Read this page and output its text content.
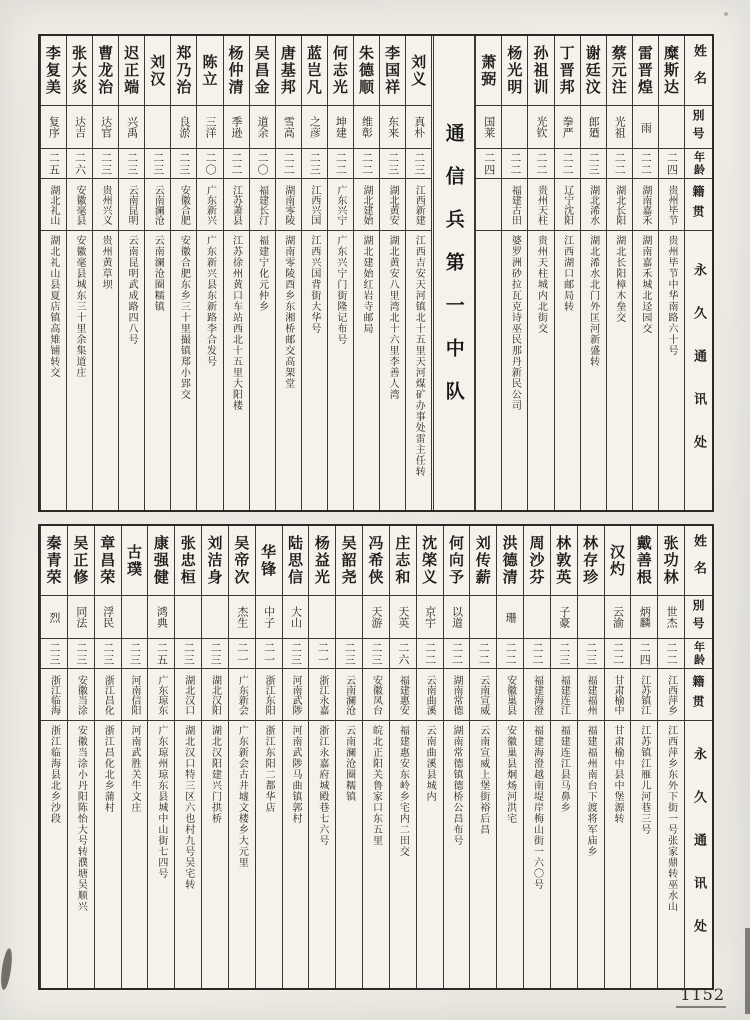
姓名
別号
年龄
籍贯
永久通讯处
糜斯达
二四
贵州毕节
贵州毕节中华南路六十号
雷晋煌
雨
二二
湖南嘉禾
湖南嘉禾城北迳园交
蔡元注
光祖
二二
湖北长阳
湖北长阳樟木垒交
谢廷汶
郎廼
二三
湖北浠水
湖北浠水北门外匡河新盛转
丁晋邦
拳严
二二
辽宁沈阳
江西湖口邮局转
孙祖训
光钦
二二
贵州天柱
贵州天柱城内北街交
杨光明
二二
福建古田
婆罗洲砂拉瓦克诗巫民那丹新民公司
萧弼
国莱
二四
通信兵第一中队
刘义
真朴
二三
江西新建
江西吉安天河镇北十五里天河煤矿办事处雷主任转
李国祥
东来
二三
湖北黄安
湖北黄安八里湾北十六里李善人湾
朱德顺
维彰
二二
湖北建始
湖北建始红岩寺邮局
何志光
坤建
二二
广东兴宁
广东兴宁门街隆记布号
蓝岂凡
之彦
二三
江西兴国
江西兴国背街大华号
唐基邦
雪高
二二
湖南零陵
湖南零陵酉乡东湘桥邮交高架堂
吴昌金
道余
二〇
福建长汀
福建宁化元仲乡
杨仲清
季逊
二二
江苏萧县
江苏徐州黄口车站西北十五里大阳楼
陈立
三洋
二〇
广东新兴
广东新兴县东新路李合发号
郑乃治
良淤
二三
安徽合肥
安徽合肥东乡三十里撮镇郑小郢交
刘汉
二三
云南澜沧
云南澜沧圈糯镇
迟正端
兴禹
二三
云南昆明
云南昆明武成路四八号
曹龙治
达官
二三
贵州兴义
贵州黄草坝
张大炎
达吉
二六
安徽毫县
安徽毫县城东三十里余集道庄
李复美
复序
二五
湖北礼山
湖北礼山县夏店镇高雉铺转交
姓名
別号
年龄
籍贯
永久通讯处
张功林
世杰
二二
江西萍乡
江西萍乡东外下街一号张家鼎转巫水山
戴善根
炳麟
二四
江苏镇江
江苏镇江雁儿河巷三号
汉灼
云渝
二二
甘肃榆中
甘肃榆中县中堡源转
林存珍
二三
福建福州
福建福州南台下渡将军庙乡
林敦英
子豪
二三
福建连江
福建连江县马鼻乡
周沙芬
二二
福建海澄
福建海澄越南堤岸梅山街一六〇号
洪德清
珊
二二
安徽巢县
安徽巢县炯炀河洪宅
刘传薪
二二
云南宣威
云南宣威上堡街裕后昌
何向予
以道
二二
湖南常德
湖南常德镇德桥公昌布号
沈棨义
京宇
二二
云南曲溪
云南曲溪县城内
庄志和
天英
二六
福建惠安
福建惠安东岭乡宅内二田交
冯希侠
天游
二三
安徽凤台
皖北正阳关鲁家口东五里
吴韶尧
二三
云南澜沧
云南澜沧圈糯镇
杨益光
二一
浙江永嘉
浙江永嘉府城殿巷七六号
陆思信
大山
二三
河南武陟
河南武陟马曲镇郭村
华锋
中子
二一
浙江东阳
浙江东阳二都华店
吴帝次
杰生
二一
广东新会
广东新会古井墟文楼乡大元里
刘洁身
二三
湖北汉阳
湖北汉阳建兴门拱桥
张忠桓
二三
湖北汉口
湖北汉口特三区六也村九号吴宅转
康强健
鸿典
二五
广东琼东
广东琼州琼东县城中山街七四号
古璞
二三
河南信阳
河南武胜关牛文庄
章昌荣
浮民
二三
浙江昌化
浙江昌化北乡蒲村
吴正修
同法
二三
安徽当涂
安徽当涂小丹阳陈怡大号转濮塘吴顺兴
秦青荣
烈
二三
浙江临海
浙江临海县北乡沙段
1152
